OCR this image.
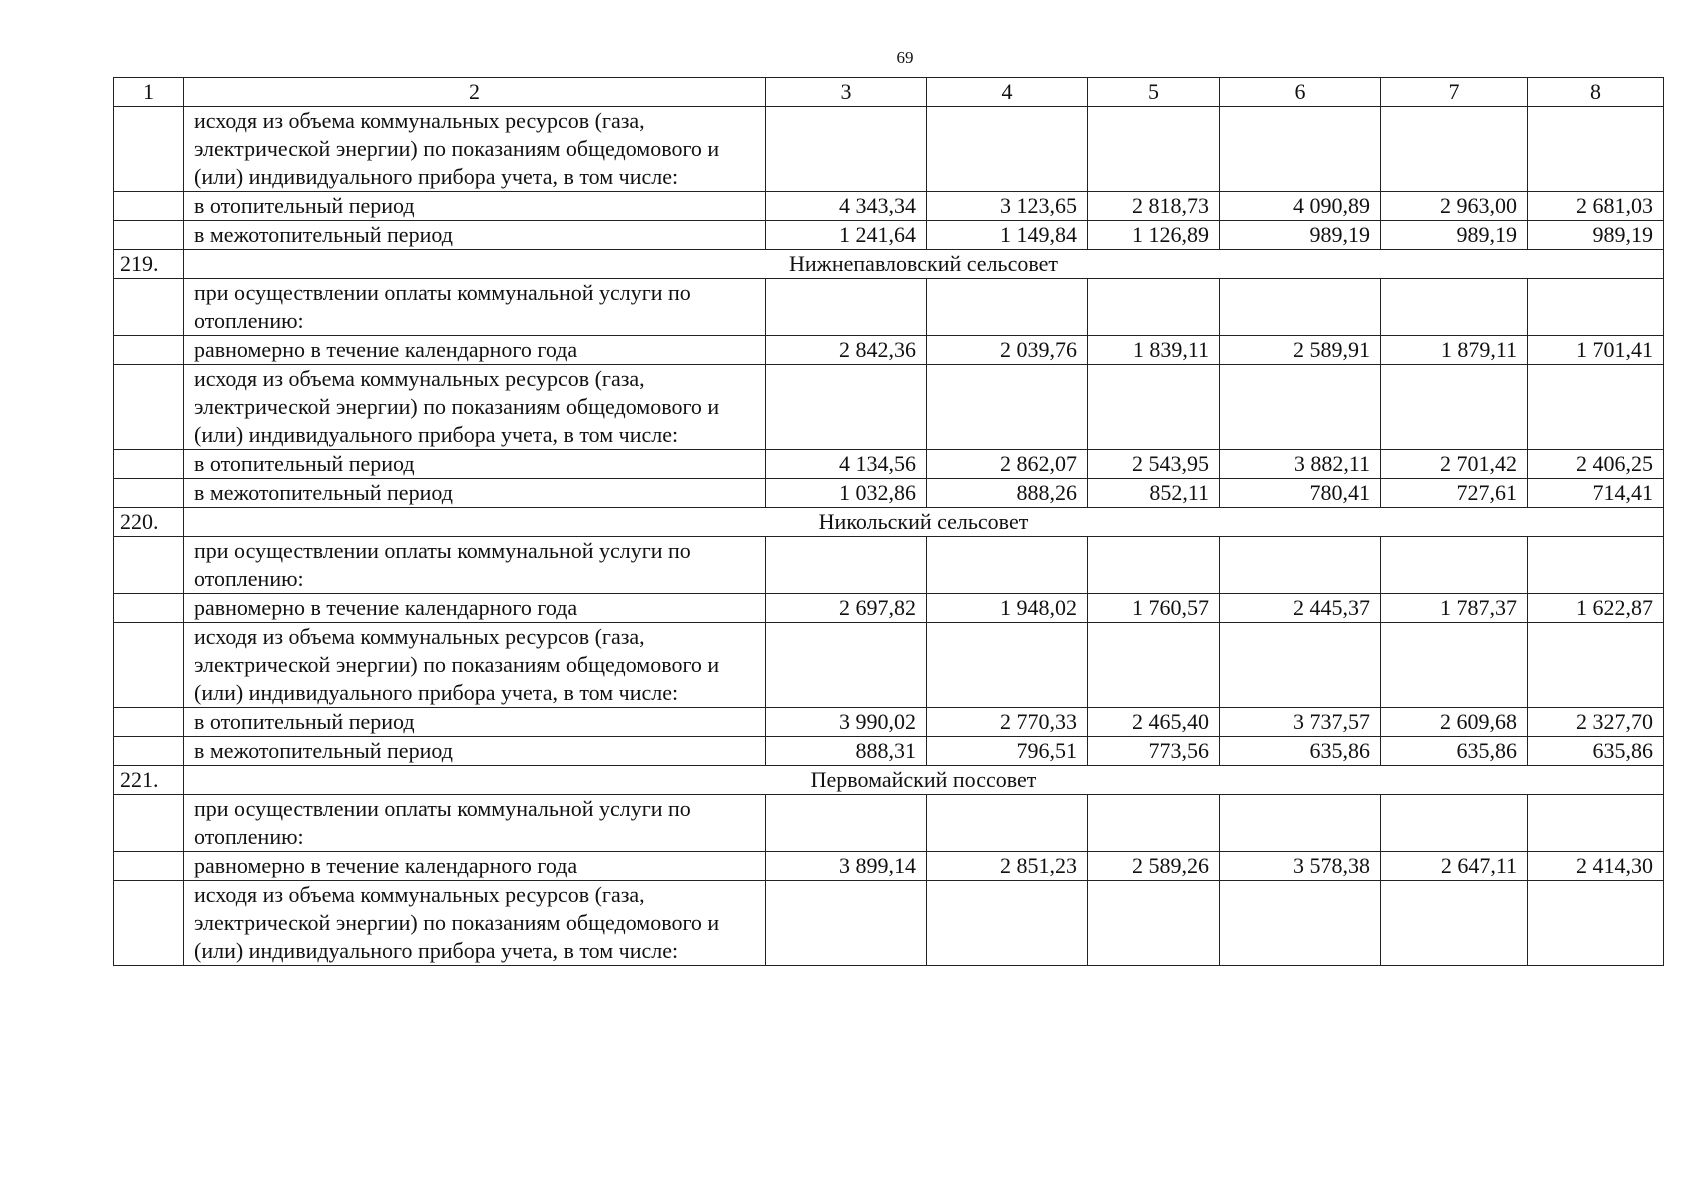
69
1	2	3	4	5	6	7	8
	исходя из объема коммунальных ресурсов (газа, электрической энергии) по показаниям общедомового и (или) индивидуального прибора учета, в том числе:						
	в отопительный период	4 343,34	3 123,65	2 818,73	4 090,89	2 963,00	2 681,03
	в межотопительный период	1 241,64	1 149,84	1 126,89	989,19	989,19	989,19
219.	Нижнепавловский сельсовет						
	при осуществлении оплаты коммунальной услуги по отоплению:						
	равномерно в течение календарного года	2 842,36	2 039,76	1 839,11	2 589,91	1 879,11	1 701,41
	исходя из объема коммунальных ресурсов (газа, электрической энергии) по показаниям общедомового и (или) индивидуального прибора учета, в том числе:						
	в отопительный период	4 134,56	2 862,07	2 543,95	3 882,11	2 701,42	2 406,25
	в межотопительный период	1 032,86	888,26	852,11	780,41	727,61	714,41
220.	Никольский сельсовет						
	при осуществлении оплаты коммунальной услуги по отоплению:						
	равномерно в течение календарного года	2 697,82	1 948,02	1 760,57	2 445,37	1 787,37	1 622,87
	исходя из объема коммунальных ресурсов (газа, электрической энергии) по показаниям общедомового и (или) индивидуального прибора учета, в том числе:						
	в отопительный период	3 990,02	2 770,33	2 465,40	3 737,57	2 609,68	2 327,70
	в межотопительный период	888,31	796,51	773,56	635,86	635,86	635,86
221.	Первомайский поссовет						
	при осуществлении оплаты коммунальной услуги по отоплению:						
	равномерно в течение календарного года	3 899,14	2 851,23	2 589,26	3 578,38	2 647,11	2 414,30
	исходя из объема коммунальных ресурсов (газа, электрической энергии) по показаниям общедомового и (или) индивидуального прибора учета, в том числе:						
